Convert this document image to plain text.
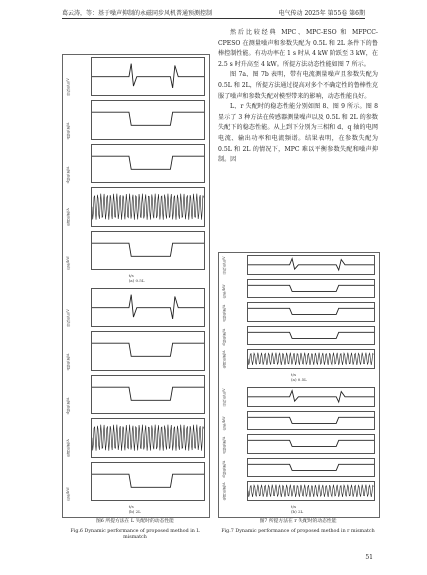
葛云涛，等：基于噪声抑制的永磁同步风机普通预测控制	电气传动 2025年 第55卷 第6期

然后比较经典 MPC、MPC-ESO 和 MFPCC-CPESO 在测量噪声和参数失配为 0.5L 和 2L 条件下的鲁棒控制性能。有功功率在 1 s 时从 4 kW 阶跃至 3 kW，在 2.5 s 时升高至 4 kW。所提方法动态性能如图 7 所示。

图 7a、图 7b 表明，带有电流测量噪声且参数失配为 0.5L 和 2L，所提方法通过提高对多个不确定性的鲁棒性克服了噪声和参数失配对模型带来的影响，动态性能良好。

L、r 失配时的稳态性能分别如图 8、图 9 所示。图 8 显示了 3 种方法在传感器测量噪声以及 0.5L 和 2L 的参数失配下的稳态性能。从上到下分别为三相和 d、q 轴的电网电流、输出功率和电流频谱。结果表明，在参数失配为 0.5L 和 2L 的情况下，MPC 难以平衡参数失配和噪声抑制。因

母线电压/V
q轴电流/A
d轴电流/A
电网电流/A
功率/kW
t/s
(a) 0.5L
母线电压/V
q轴电流/A
d轴电流/A
电网电流/A
功率/kW
t/s
(b) 2L
图6 所提方法在 L 失配时的动态性能
Fig.6 Dynamic performance of proposed method in L mismatch
母线电压/V
功率/kW
q轴电流/A
d轴电流/A
电网电流/A
t/s
(a) 0.5L
母线电压/V
功率/kW
q轴电流/A
d轴电流/A
电网电流/A
t/s
(b) 2L
图7 所提方法在 r 失配时的动态性能
Fig.7 Dynamic performance of proposed method in r mismatch
51
